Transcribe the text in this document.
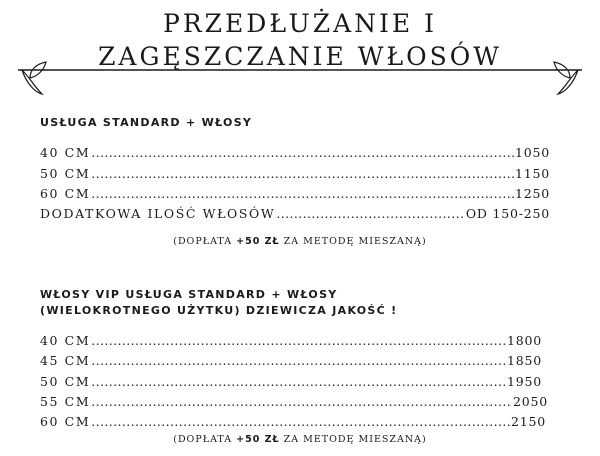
PRZEDŁUŻANIE I
ZAGĘSZCZANIE WŁOSÓW
USŁUGA STANDARD + WŁOSY
40 CM .....	1050
50 CM .....	1150
60 CM .....	1250
DODATKOWA ILOŚĆ WŁOSÓW .....	OD 150-250
(DOPŁATA +50 ZŁ ZA METODĘ MIESZANĄ)
WŁOSY VIP USŁUGA STANDARD + WŁOSY
(WIELOKROTNEGO UŻYTKU) DZIEWICZA JAKOŚĆ !
40 CM .....	1800
45 CM .....	1850
50 CM .....	1950
55 CM .....	2050
60 CM .....	2150
(DOPŁATA +50 ZŁ ZA METODĘ MIESZANĄ)
